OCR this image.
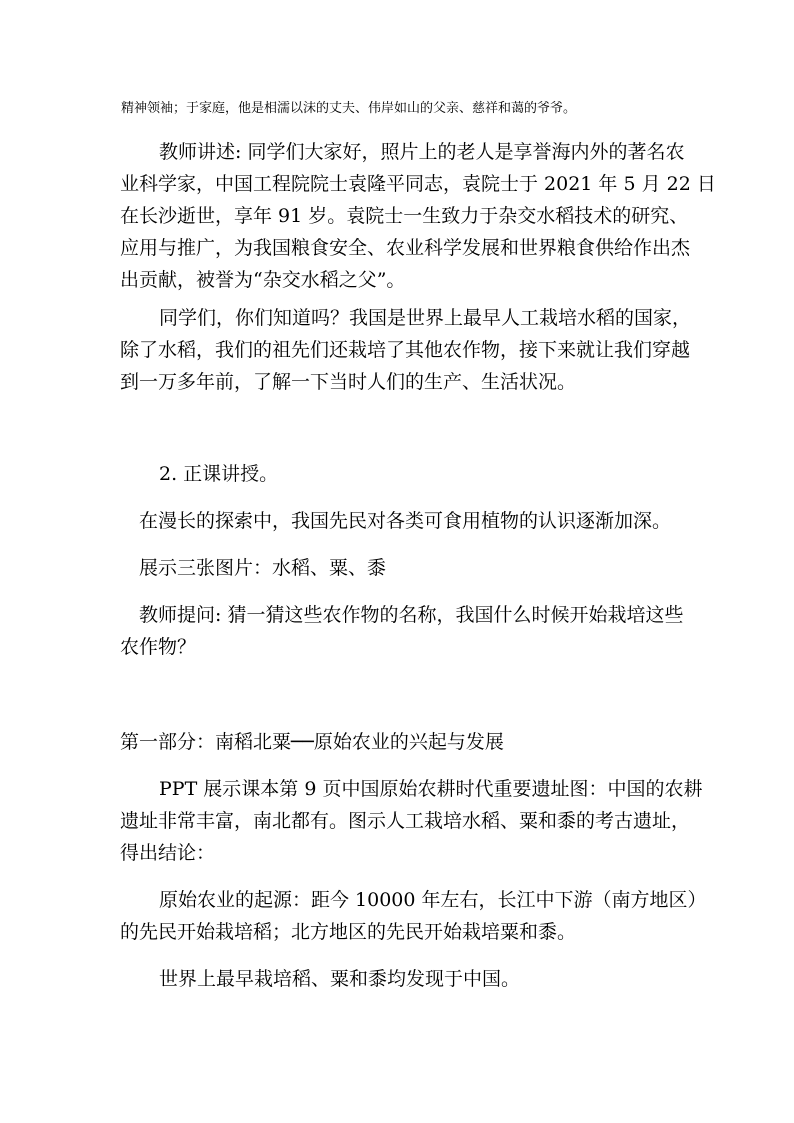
精神领袖；于家庭，他是相濡以沫的丈夫、伟岸如山的父亲、慈祥和蔼的爷爷。

教师讲述: 同学们大家好，照片上的老人是享誉海内外的著名农

业科学家，中国工程院院士袁隆平同志，袁院士于 2021 年 5 月 22 日

在长沙逝世，享年 91 岁。袁院士一生致力于杂交水稻技术的研究、

应用与推广，为我国粮食安全、农业科学发展和世界粮食供给作出杰

出贡献，被誉为“杂交水稻之父”。

同学们，你们知道吗？我国是世界上最早人工栽培水稻的国家，

除了水稻，我们的祖先们还栽培了其他农作物，接下来就让我们穿越

到一万多年前，了解一下当时人们的生产、生活状况。

2. 正课讲授。

在漫长的探索中，我国先民对各类可食用植物的认识逐渐加深。

展示三张图片：水稻、粟、黍

教师提问: 猜一猜这些农作物的名称，我国什么时候开始栽培这些

农作物？

第一部分：南稻北粟──原始农业的兴起与发展

PPT 展示课本第 9 页中国原始农耕时代重要遗址图：中国的农耕

遗址非常丰富，南北都有。图示人工栽培水稻、粟和黍的考古遗址，

得出结论：

原始农业的起源：距今 10000 年左右，长江中下游（南方地区）

的先民开始栽培稻；北方地区的先民开始栽培粟和黍。

世界上最早栽培稻、粟和黍均发现于中国。
